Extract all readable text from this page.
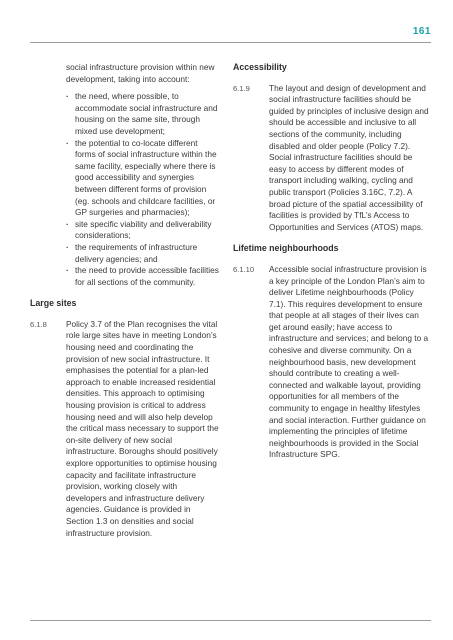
161

social infrastructure provision within new development, taking into account:

· the need, where possible, to accommodate social infrastructure and housing on the same site, through mixed use development;
· the potential to co-locate different forms of social infrastructure within the same facility, especially where there is good accessibility and synergies between different forms of provision (eg. schools and childcare facilities, or GP surgeries and pharmacies);
· site specific viability and deliverability considerations;
· the requirements of infrastructure delivery agencies; and
· the need to provide accessible facilities for all sections of the community.
Large sites

6.1.8 Policy 3.7 of the Plan recognises the vital role large sites have in meeting London’s housing need and coordinating the provision of new social infrastructure. It emphasises the potential for a plan-led approach to enable increased residential densities. This approach to optimising housing provision is critical to address housing need and will also help develop the critical mass necessary to support the on-site delivery of new social infrastructure. Boroughs should positively explore opportunities to optimise housing capacity and facilitate infrastructure provision, working closely with developers and infrastructure delivery agencies. Guidance is provided in Section 1.3 on densities and social infrastructure provision.

Accessibility

6.1.9 The layout and design of development and social infrastructure facilities should be guided by principles of inclusive design and should be accessible and inclusive to all sections of the community, including disabled and older people (Policy 7.2). Social infrastructure facilities should be easy to access by different modes of transport including walking, cycling and public transport (Policies 3.16C, 7.2). A broad picture of the spatial accessibility of facilities is provided by TfL’s Access to Opportunities and Services (ATOS) maps.

Lifetime neighbourhoods

6.1.10 Accessible social infrastructure provision is a key principle of the London Plan’s aim to deliver Lifetime neighbourhoods (Policy 7.1). This requires development to ensure that people at all stages of their lives can get around easily; have access to infrastructure and services; and belong to a cohesive and diverse community. On a neighbourhood basis, new development should contribute to creating a well-connected and walkable layout, providing opportunities for all members of the community to engage in healthy lifestyles and social interaction. Further guidance on implementing the principles of lifetime neighbourhoods is provided in the Social Infrastructure SPG.
